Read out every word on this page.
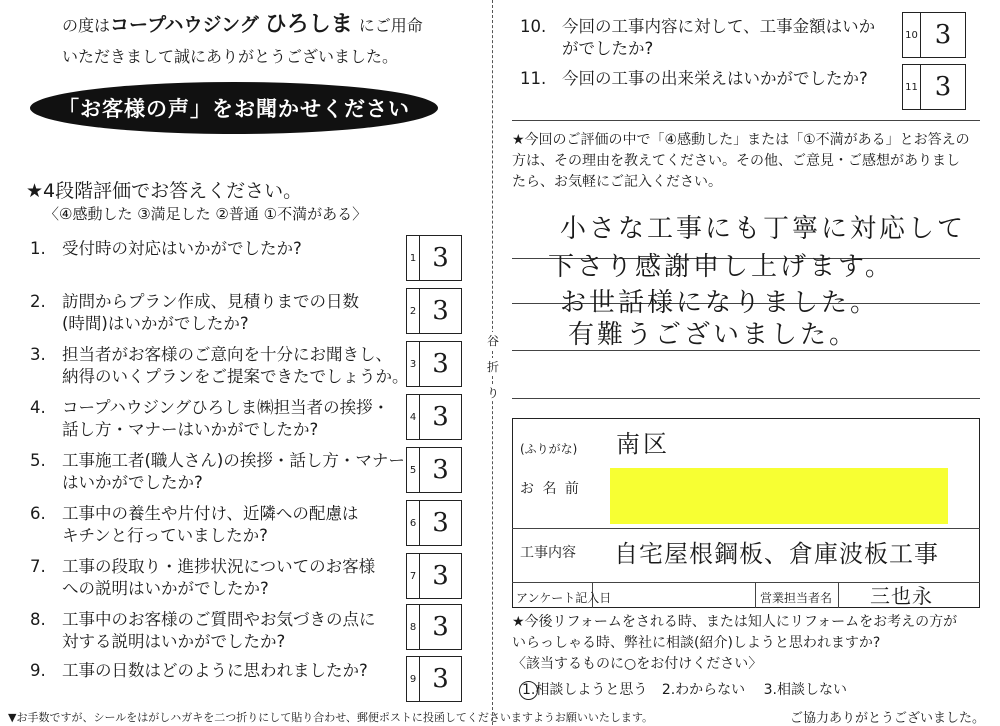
の度はコープハウジング ひろしま にご用命
いただきまして誠にありがとうございました。
「お客様の声」をお聞かせください
★4段階評価でお答えください。
〈④感動した ③満足した ②普通 ①不満がある〉
1. 受付時の対応はいかがでしたか?	1 3
2. 訪問からプラン作成、見積りまでの日数
(時間)はいかがでしたか?
2 3
3. 担当者がお客様のご意向を十分にお聞きし、
納得のいくプランをご提案できたでしょうか。
3 3
4. コープハウジングひろしま㈱担当者の挨拶・
話し方・マナーはいかがでしたか?
4 3
5. 工事施工者(職人さん)の挨拶・話し方・マナー
はいかがでしたか?
5 3
6. 工事中の養生や片付け、近隣への配慮は
キチンと行っていましたか?
6 3
7. 工事の段取り・進捗状況についてのお客様
への説明はいかがでしたか?
7 3
8. 工事中のお客様のご質問やお気づきの点に
対する説明はいかがでしたか?
8 3
9. 工事の日数はどのように思われましたか?	9 3
谷
折
り
10. 今回の工事内容に対して、工事金額はいか
がでしたか?
10 3
11. 今回の工事の出来栄えはいかがでしたか?	11 3
★今回のご評価の中で「④感動した」または「①不満がある」とお答えの
方は、その理由を教えてください。その他、ご意見・ご感想がありまし
たら、お気軽にご記入ください。
小さな工事にも丁寧に対応して
下さり感謝申し上げます。
お世話様になりました。
有難うございました。
(ふりがな) 南区
お 名 前
工事内容 自宅屋根鋼板、倉庫波板工事
アンケート記入日	営業担当者名 三也永
★今後リフォームをされる時、または知人にリフォームをお考えの方が
いらっしゃる時、弊社に相談(紹介)しようと思われますか?
〈該当するものに○をお付けください〉
1.相談しようと思う 2.わからない 3.相談しない
▼お手数ですが、シールをはがしハガキを二つ折りにして貼り合わせ、郵便ポストに投函してくださいますようお願いいたします。	ご協力ありがとうございました。
